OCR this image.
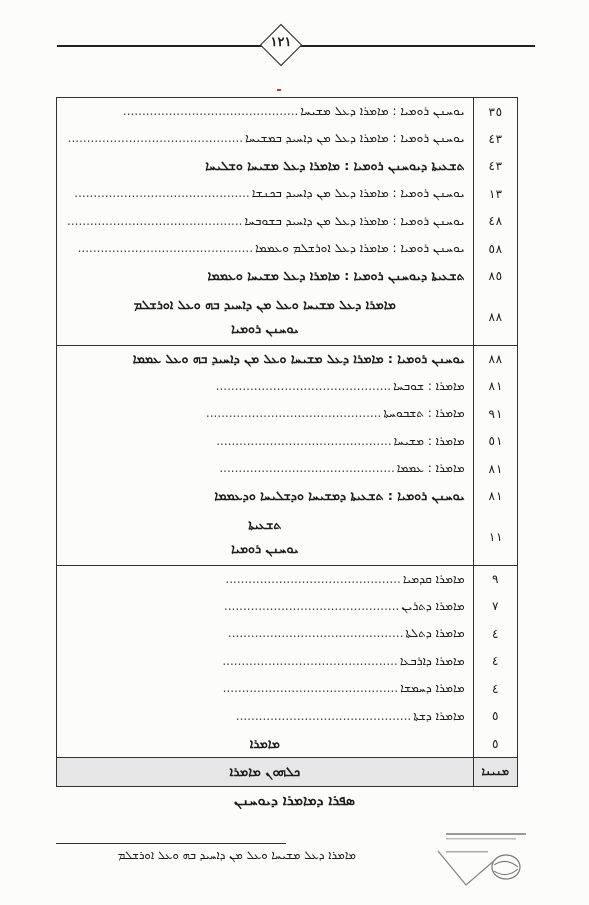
١٢١
٣٥	ܝܘܚܢܢ ܪܘܡܝܐ : ܡܐܡܪܐ ܕܥܠ ܡܫܝܚܐ..............................................

٤٣	ܝܘܚܢܢ ܪܘܡܝܐ : ܡܐܡܪܐ ܕܥܠ ܡܢ ܕܐܚܝܕ ܒܡܫܝܚܐ..............................................

٤٣	ܬܫܥܝܬܐ ܕܝܘܚܢܢ ܪܘܡܝܐ : ܡܐܡܪܐ ܕܥܠ ܡܫܝܚܐ ܘܫܠܝܚܐ

١٣	ܝܘܚܢܢ ܪܘܡܝܐ : ܡܐܡܪܐ ܕܥܠ ܡܢ ܕܐܚܝܕ ܒܟܢܫܐ..............................................

٤٨	ܝܘܚܢܢ ܪܘܡܝܐ : ܡܐܡܪܐ ܕܥܠ ܡܢ ܕܐܚܝܕ ܒܫܘܒܚܐ..............................................

٥٨	ܝܘܚܢܢ ܪܘܡܝܐ : ܡܐܡܪܐ ܕܥܠ ܐܘܪܫܠܡ ܘܥܡܡܐ..............................................

٨٥	ܬܫܥܝܬܐ ܕܝܘܚܢܢ ܪܘܡܝܐ : ܡܐܡܪܐ ܕܥܠ ܡܫܝܚܐ ܘܥܡܡܐ

٨٨	ܡܐܡܪܐ ܕܥܠ ܡܫܝܚܐ ܘܥܠ ܡܢ ܕܐܚܝܕ ܒܗ ܘܥܠ ܐܘܪܫܠܡ
ܝܘܚܢܢ ܪܘܡܝܐ

٨٨	ܝܘܚܢܢ ܪܘܡܝܐ : ܡܐܡܪܐ ܕܥܠ ܡܫܝܚܐ ܘܥܠ ܡܢ ܕܐܚܝܕ ܒܗ ܘܥܠ ܥܡܡܐ

٨١	ܡܐܡܪܐ : ܫܘܒܚܐ..............................................

٩١	ܡܐܡܪܐ : ܬܫܒܘܚܬܐ..............................................

٥١	ܡܐܡܪܐ : ܡܫܝܚܐ..............................................

٨١	ܡܐܡܪܐ : ܥܡܡܐ..............................................

٨١	ܝܘܚܢܢ ܪܘܡܝܐ : ܬܫܥܝܬܐ ܕܡܫܝܚܐ ܘܕܫܠܝܚܐ ܘܕܥܡܡܐ

١١	ܬܫܥܝܬܐ
ܝܘܚܢܢ ܪܘܡܝܐ

٩	ܡܐܡܪܐ ܩܕܡܝܐ..............................................

٧	ܡܐܡܪܐ ܕܬܪܝܢ..............................................

٤	ܡܐܡܪܐ ܕܬܠܬܐ..............................................

٤	ܡܐܡܪܐ ܕܐܪܒܥܐ..............................................

٤	ܡܐܡܪܐ ܕܚܡܫܐ..............................................

٥	ܡܐܡܪܐ ܕܫܬܐ..............................................

٥	ܡܐܡܪܐ

ܡܢܝܢܐ	ܟܠܗܘܢ ܡܐܡܪܐ
ܣܦܪܐ ܕܡܐܡܪܐ ܕܝܘܚܢܢ
ܡܐܡܪܐ ܕܥܠ ܡܫܝܚܐ ܘܥܠ ܡܢ ܕܐܚܝܕ ܒܗ ܘܥܠ ܐܘܪܫܠܡ
